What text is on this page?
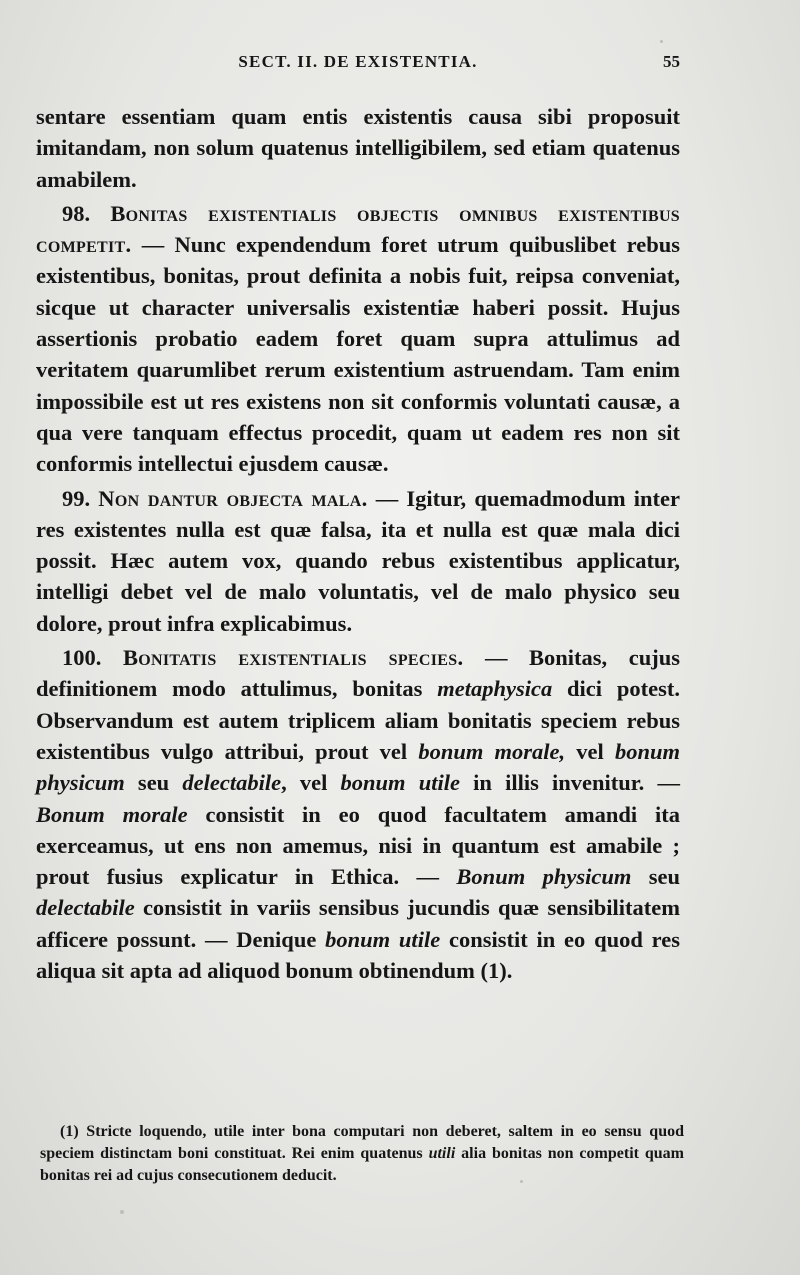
SECT. II. DE EXISTENTIA.	55

sentare essentiam quam entis existentis causa sibi proposuit imitandam, non solum quatenus intelligibilem, sed etiam quatenus amabilem.

98. Bonitas existentialis objectis omnibus existentibus competit. — Nunc expendendum foret utrum quibuslibet rebus existentibus, bonitas, prout definita a nobis fuit, reipsa conveniat, sicque ut character universalis existentiæ haberi possit. Hujus assertionis probatio eadem foret quam supra attulimus ad veritatem quarumlibet rerum existentium astruendam. Tam enim impossibile est ut res existens non sit conformis voluntati causæ, a qua vere tanquam effectus procedit, quam ut eadem res non sit conformis intellectui ejusdem causæ.

99. Non dantur objecta mala. — Igitur, quemadmodum inter res existentes nulla est quæ falsa, ita et nulla est quæ mala dici possit. Hæc autem vox, quando rebus existentibus applicatur, intelligi debet vel de malo voluntatis, vel de malo physico seu dolore, prout infra explicabimus.

100. Bonitatis existentialis species. — Bonitas, cujus definitionem modo attulimus, bonitas metaphysica dici potest. Observandum est autem triplicem aliam bonitatis speciem rebus existentibus vulgo attribui, prout vel bonum morale, vel bonum physicum seu delectabile, vel bonum utile in illis invenitur. — Bonum morale consistit in eo quod facultatem amandi ita exerceamus, ut ens non amemus, nisi in quantum est amabile ; prout fusius explicatur in Ethica. — Bonum physicum seu delectabile consistit in variis sensibus jucundis quæ sensibilitatem afficere possunt. — Denique bonum utile consistit in eo quod res aliqua sit apta ad aliquod bonum obtinendum (1).

(1) Stricte loquendo, utile inter bona computari non deberet, saltem in eo sensu quod speciem distinctam boni constituat. Rei enim quatenus utili alia bonitas non competit quam bonitas rei ad cujus consecutionem deducit.
